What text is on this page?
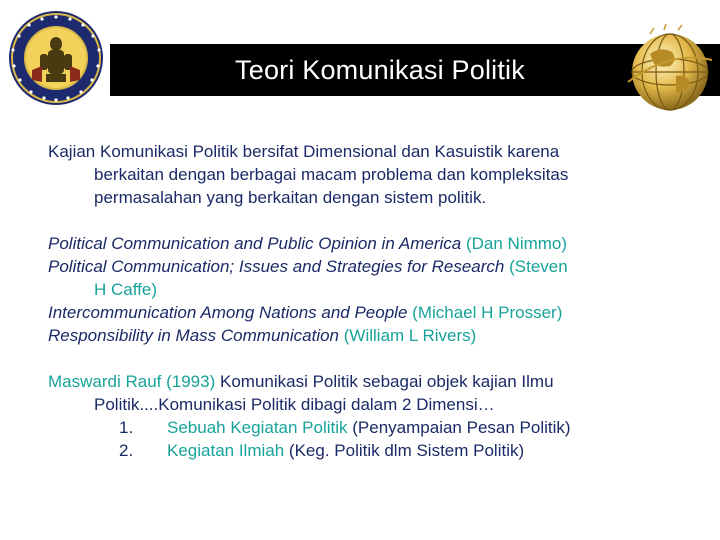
Teori Komunikasi Politik

Kajian Komunikasi Politik bersifat Dimensional dan Kasuistik karena
berkaitan dengan berbagai macam problema dan kompleksitas
permasalahan yang berkaitan dengan sistem politik.

Political Communication and Public Opinion in America (Dan Nimmo)
Political Communication; Issues and Strategies for Research (Steven
H Caffe)
Intercommunication Among Nations and People (Michael H Prosser)
Responsibility in Mass Communication (William L Rivers)

Maswardi Rauf (1993) Komunikasi Politik sebagai objek kajian Ilmu
Politik....Komunikasi Politik dibagi dalam 2 Dimensi…
1. Sebuah Kegiatan Politik (Penyampaian Pesan Politik)
2. Kegiatan Ilmiah (Keg. Politik dlm Sistem Politik)
